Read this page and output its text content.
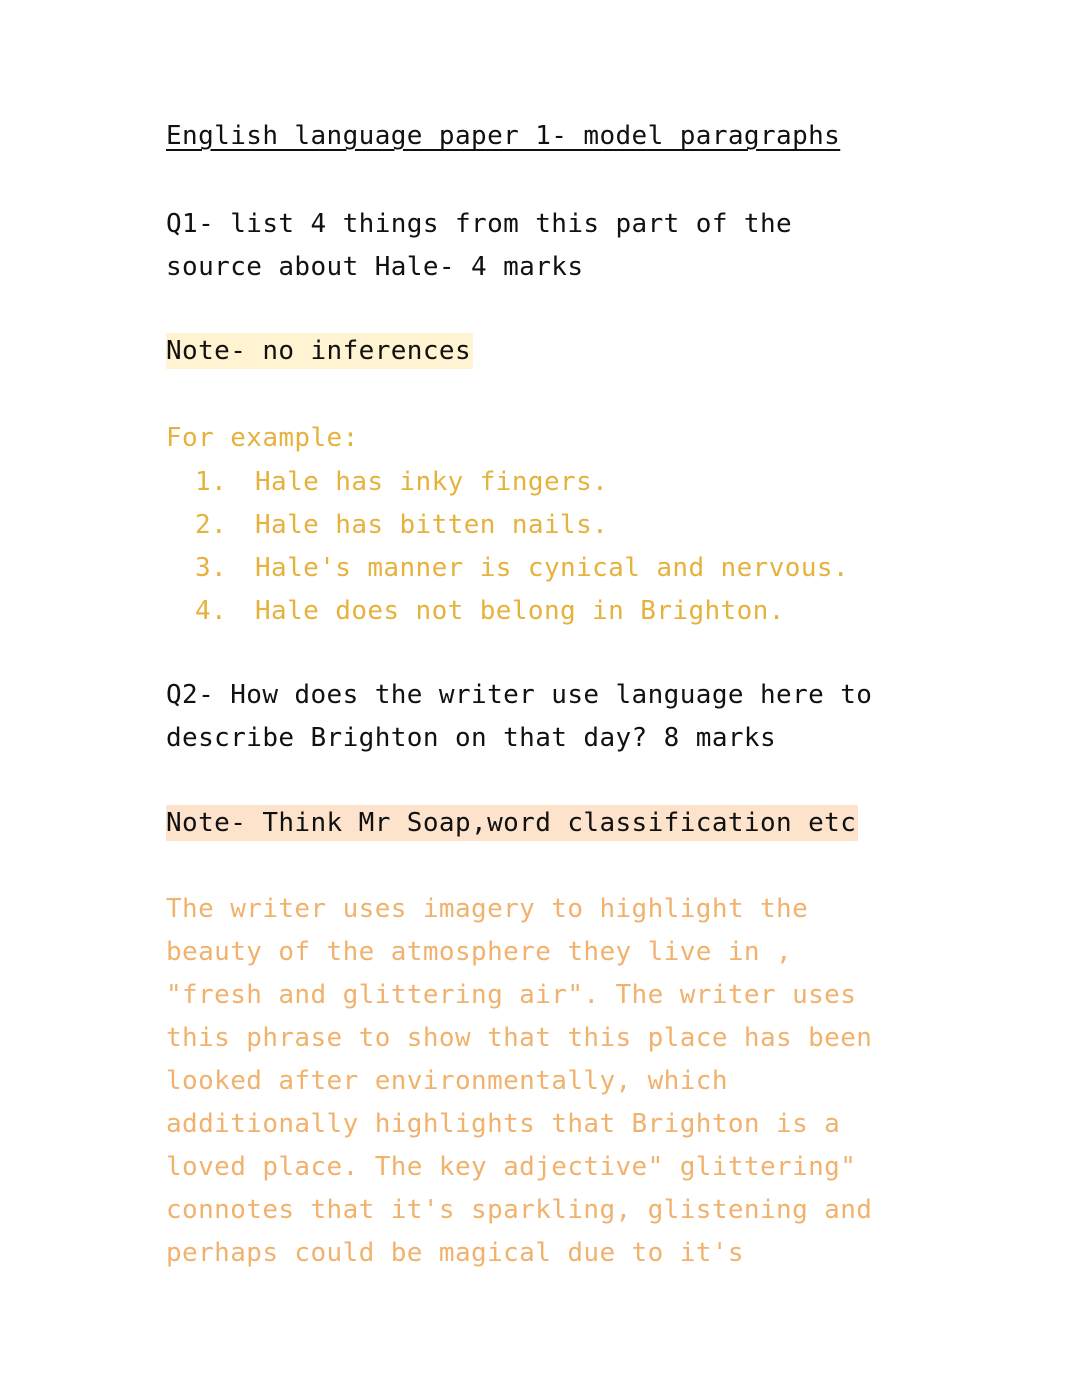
English language paper 1- model paragraphs
Q1- list 4 things from this part of the
source about Hale- 4 marks
Note- no inferences
For example:
1.	Hale has inky fingers.
2.	Hale has bitten nails.
3.	Hale's manner is cynical and nervous.
4.	Hale does not belong in Brighton.
Q2- How does the writer use language here to
describe Brighton on that day? 8 marks
Note- Think Mr Soap,word classification etc
The writer uses imagery to highlight the
beauty of the atmosphere they live in ,
"fresh and glittering air". The writer uses
this phrase to show that this place has been
looked after environmentally, which
additionally highlights that Brighton is a
loved place. The key adjective" glittering"
connotes that it's sparkling, glistening and
perhaps could be magical due to it's
